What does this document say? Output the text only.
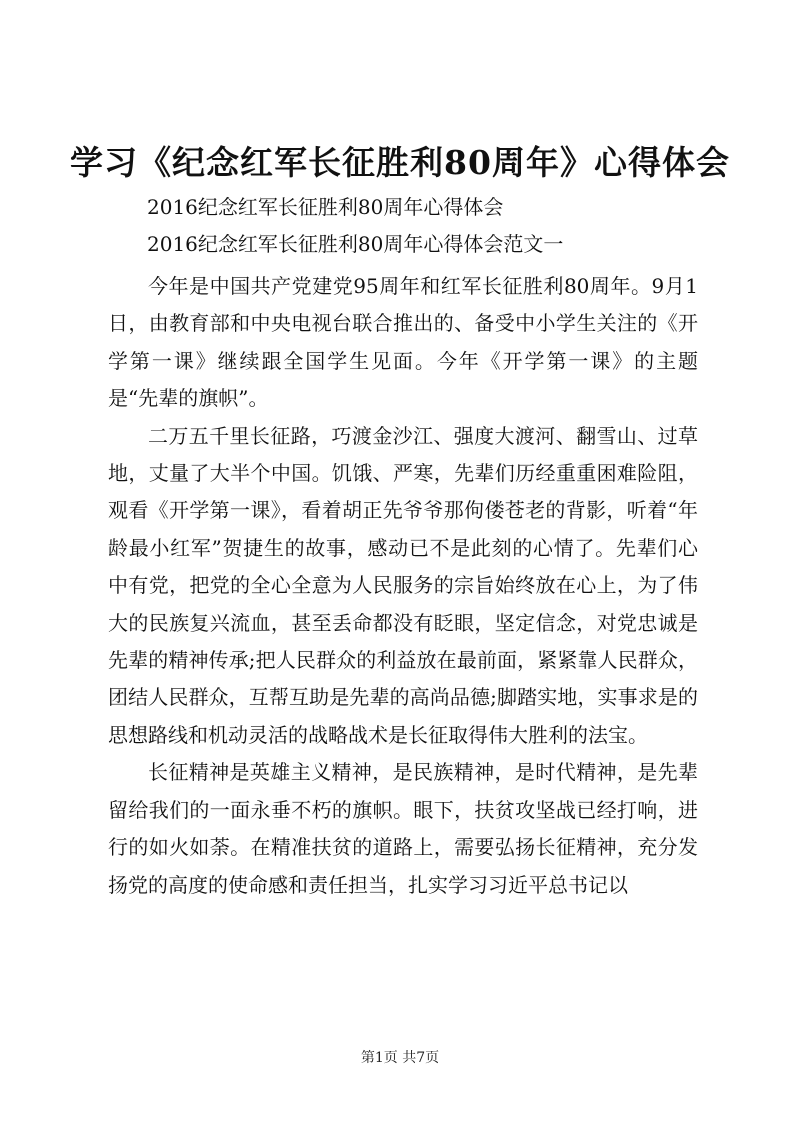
学习《纪念红军长征胜利80周年》心得体会
2016纪念红军长征胜利80周年心得体会
2016纪念红军长征胜利80周年心得体会范文一

今年是中国共产党建党95周年和红军长征胜利80周年。9月1日，由教育部和中央电视台联合推出的、备受中小学生关注的《开学第一课》继续跟全国学生见面。今年《开学第一课》的主题是“先辈的旗帜”。

二万五千里长征路，巧渡金沙江、强度大渡河、翻雪山、过草地，丈量了大半个中国。饥饿、严寒，先辈们历经重重困难险阻，观看《开学第一课》，看着胡正先爷爷那佝偻苍老的背影，听着“年龄最小红军”贺捷生的故事，感动已不是此刻的心情了。先辈们心中有党，把党的全心全意为人民服务的宗旨始终放在心上，为了伟大的民族复兴流血，甚至丢命都没有眨眼，坚定信念，对党忠诚是先辈的精神传承;把人民群众的利益放在最前面，紧紧靠人民群众，团结人民群众，互帮互助是先辈的高尚品德;脚踏实地，实事求是的思想路线和机动灵活的战略战术是长征取得伟大胜利的法宝。

长征精神是英雄主义精神，是民族精神，是时代精神，是先辈留给我们的一面永垂不朽的旗帜。眼下，扶贫攻坚战已经打响，进行的如火如荼。在精准扶贫的道路上，需要弘扬长征精神，充分发扬党的高度的使命感和责任担当，扎实学习习近平总书记以

第1页 共7页
